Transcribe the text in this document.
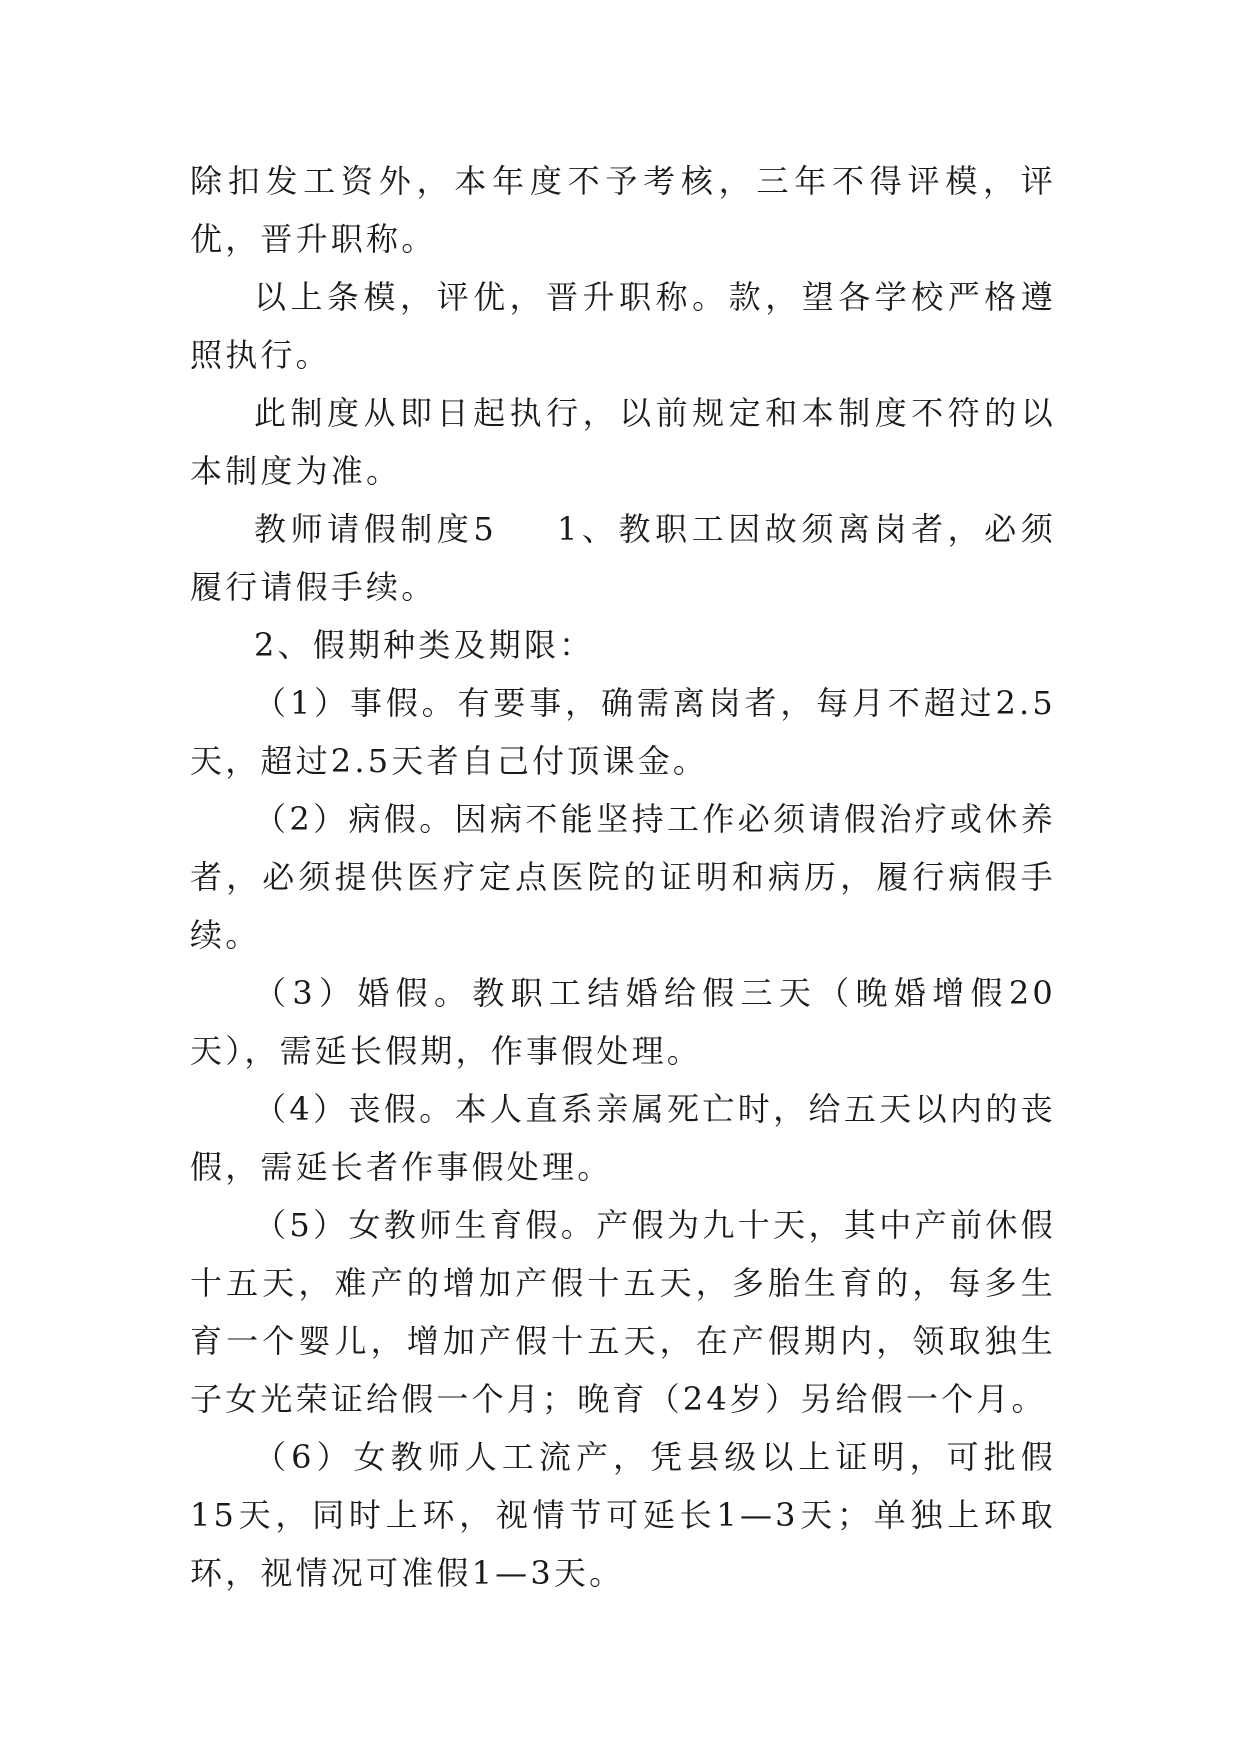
除扣发工资外，本年度不予考核，三年不得评模，评优，晋升职称。

以上条模，评优，晋升职称。款，望各学校严格遵照执行。

此制度从即日起执行，以前规定和本制度不符的以本制度为准。

教师请假制度5 1、教职工因故须离岗者，必须履行请假手续。

2、假期种类及期限：

（1）事假。有要事，确需离岗者，每月不超过2.5天，超过2.5天者自己付顶课金。

（2）病假。因病不能坚持工作必须请假治疗或休养者，必须提供医疗定点医院的证明和病历，履行病假手续。

（3）婚假。教职工结婚给假三天（晚婚增假20天），需延长假期，作事假处理。

（4）丧假。本人直系亲属死亡时，给五天以内的丧假，需延长者作事假处理。

（5）女教师生育假。产假为九十天，其中产前休假十五天，难产的增加产假十五天，多胎生育的，每多生育一个婴儿，增加产假十五天，在产假期内，领取独生子女光荣证给假一个月；晚育（24岁）另给假一个月。

（6）女教师人工流产，凭县级以上证明，可批假15天，同时上环，视情节可延长1—3天；单独上环取环，视情况可准假1—3天。
